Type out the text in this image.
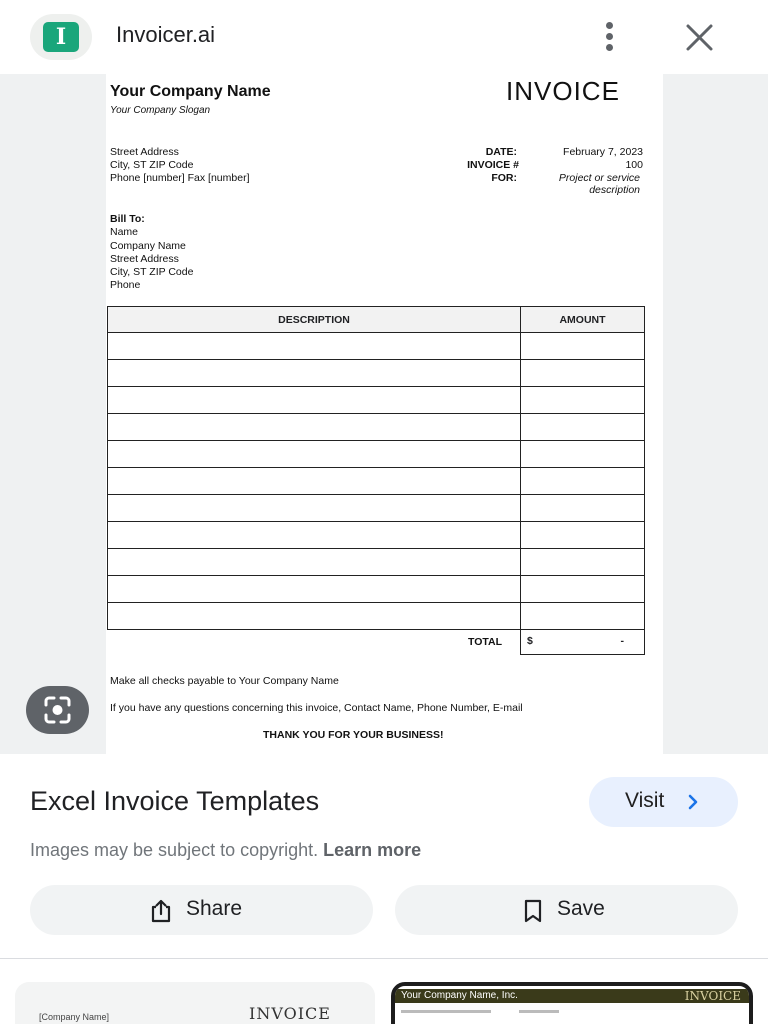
I	Invoicer.ai
Your Company Name
Your Company Slogan
INVOICE
Street Address
City, ST ZIP Code
Phone [number] Fax [number]
DATE:	February 7, 2023
INVOICE #	100
FOR:	Project or service
description
Bill To:
Name
Company Name
Street Address
City, ST ZIP Code
Phone
DESCRIPTION	AMOUNT

TOTAL $	-
Make all checks payable to Your Company Name
If you have any questions concerning this invoice, Contact Name, Phone Number, E-mail
THANK YOU FOR YOUR BUSINESS!
Excel Invoice Templates	Visit
Images may be subject to copyright. Learn more
Share	Save
[Company Name]	INVOICE
Your Company Name, Inc.	INVOICE
